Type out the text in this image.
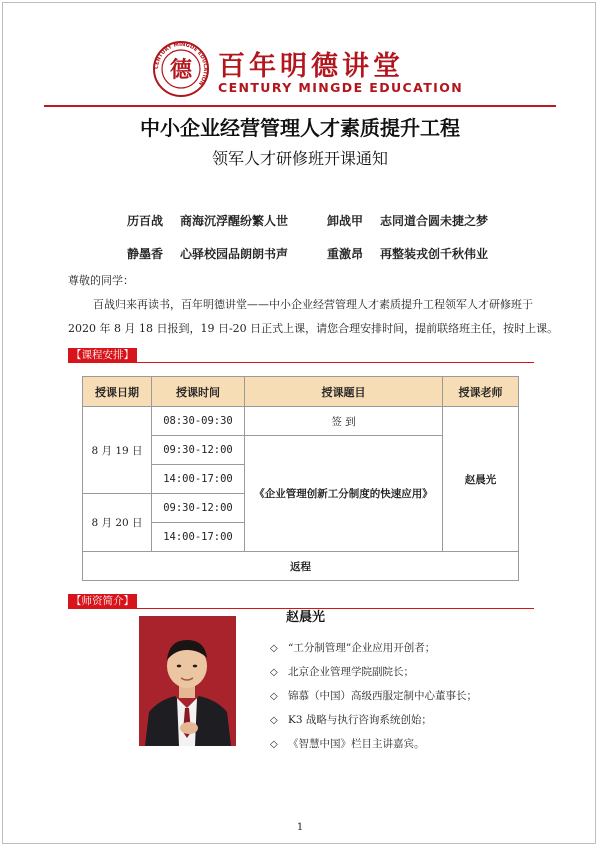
CENTURY MINGDE EDUCATION
德 百年明德讲堂
CENTURY MINGDE EDUCATION
中小企业经营管理人才素质提升工程
领军人才研修班开课通知
历百战 商海沉浮醒纷繁人世	卸战甲 志同道合圆未捷之梦
静墨香 心驿校园品朗朗书声	重激昂 再整装戎创千秋伟业
尊敬的同学：
百战归来再读书，百年明德讲堂——中小企业经营管理人才素质提升工程领军人才研修班于
2020 年 8 月 18 日报到，19 日-20 日正式上课，请您合理安排时间，提前联络班主任，按时上课。
【课程安排】
授课日期	授课时间	授课题目	授课老师
8 月 19 日	08:30-09:30	签 到	赵晨光
	09:30-12:00	《企业管理创新工分制度的快速应用》	
	14:00-17:00		
8 月 20 日	09:30-12:00		
	14:00-17:00		
返程			
【师资简介】
赵晨光
◇ “工分制管理”企业应用开创者；
◇ 北京企业管理学院副院长；
◇ 锦慕（中国）高级西服定制中心董事长；
◇ K3 战略与执行咨询系统创始；
◇ 《智慧中国》栏目主讲嘉宾。
1
